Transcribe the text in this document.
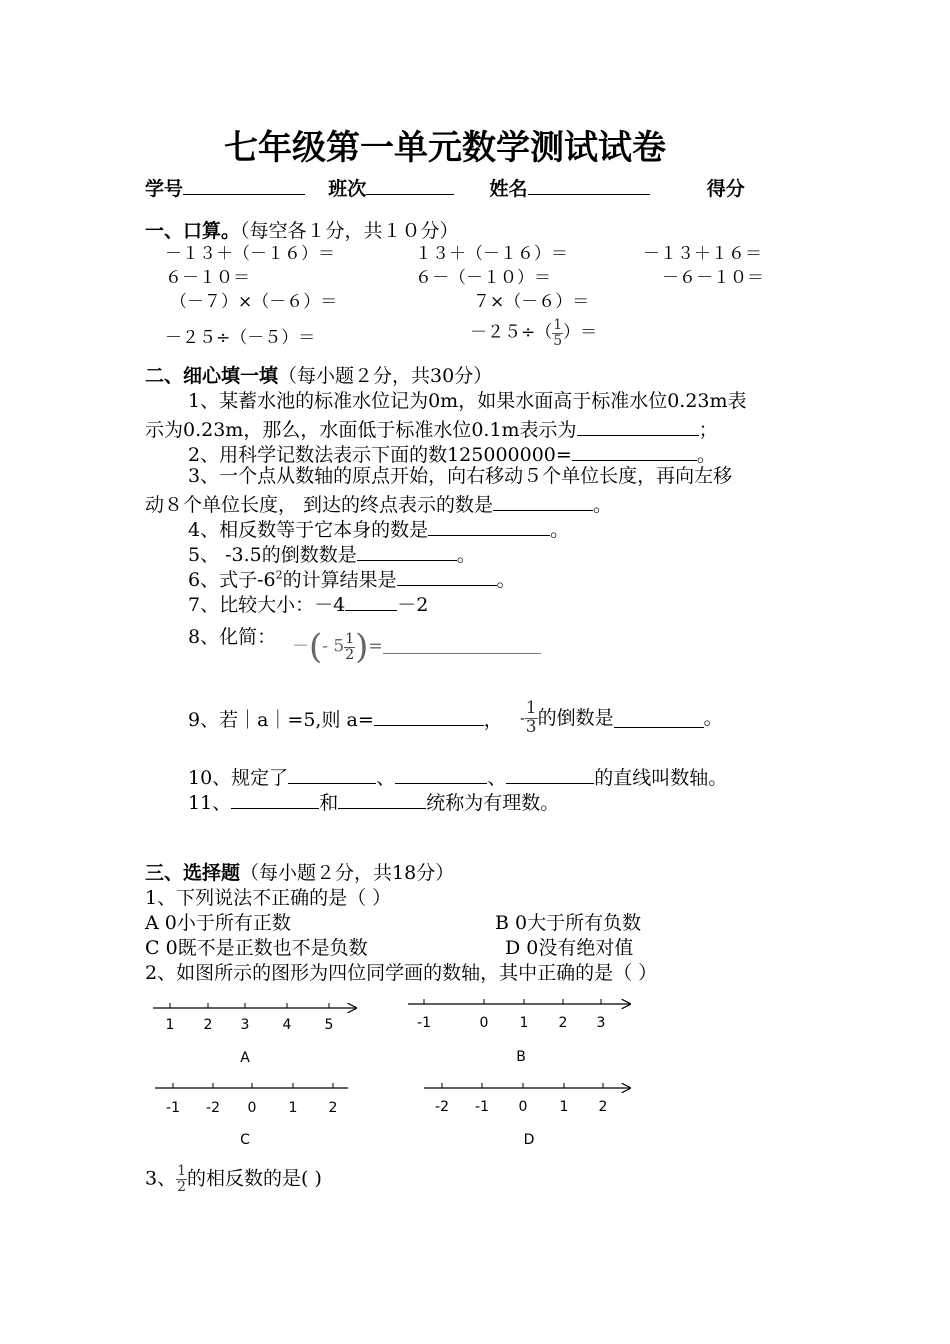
七年级第一单元数学测试试卷
学号	班次	姓名	得分
一、口算。（每空各１分，共１０分）
－１３＋（－１６）＝	１３＋（－１６）＝	－１３＋１６＝
６－１０＝	６－（－１０）＝	－６－１０＝
（－７）×（－６）＝	７×（－６）＝
－２５÷（－５）＝	$-25\div( \frac{1}{5}$ ）＝
二、细心填一填（每小题２分，共30分）
1、某蓄水池的标准水位记为0m，如果水面高于标准水位0.23m表
示为0.23m，那么，水面低于标准水位0.1m表示为	；
2、用科学记数法表示下面的数125000000=	。
3、一个点从数轴的原点开始，向右移动５个单位长度，再向左移
动８个单位长度， 到达的终点表示的数是	。
4、相反数等于它本身的数是	。
5、 -3.5的倒数数是	。
6、式子$-6^2$的计算结果是	。
7、比较大小：－4	－2
8、化简： －(- $5 \frac{1}{2}$ )=
9、若｜a｜=5,则 a=	， - $\frac{1}{3}$ 的倒数是	。
10、规定了	、	、	的直线叫数轴。
11、	和	统称为有理数。
三、选择题（每小题２分，共18分）
1、下列说法不正确的是（ ）
A 0小于所有正数	B 0大于所有负数
C 0既不是正数也不是负数	D 0没有绝对值
2、如图所示的图形为四位同学画的数轴，其中正确的是（ ）
1 2 3 4 5
A
-1	0 1 2 3
B
-1 -2 0 1 2
C
-2 -1 0 1 2
D
3、 $\frac{1}{2}$ 的相反数的是( )
